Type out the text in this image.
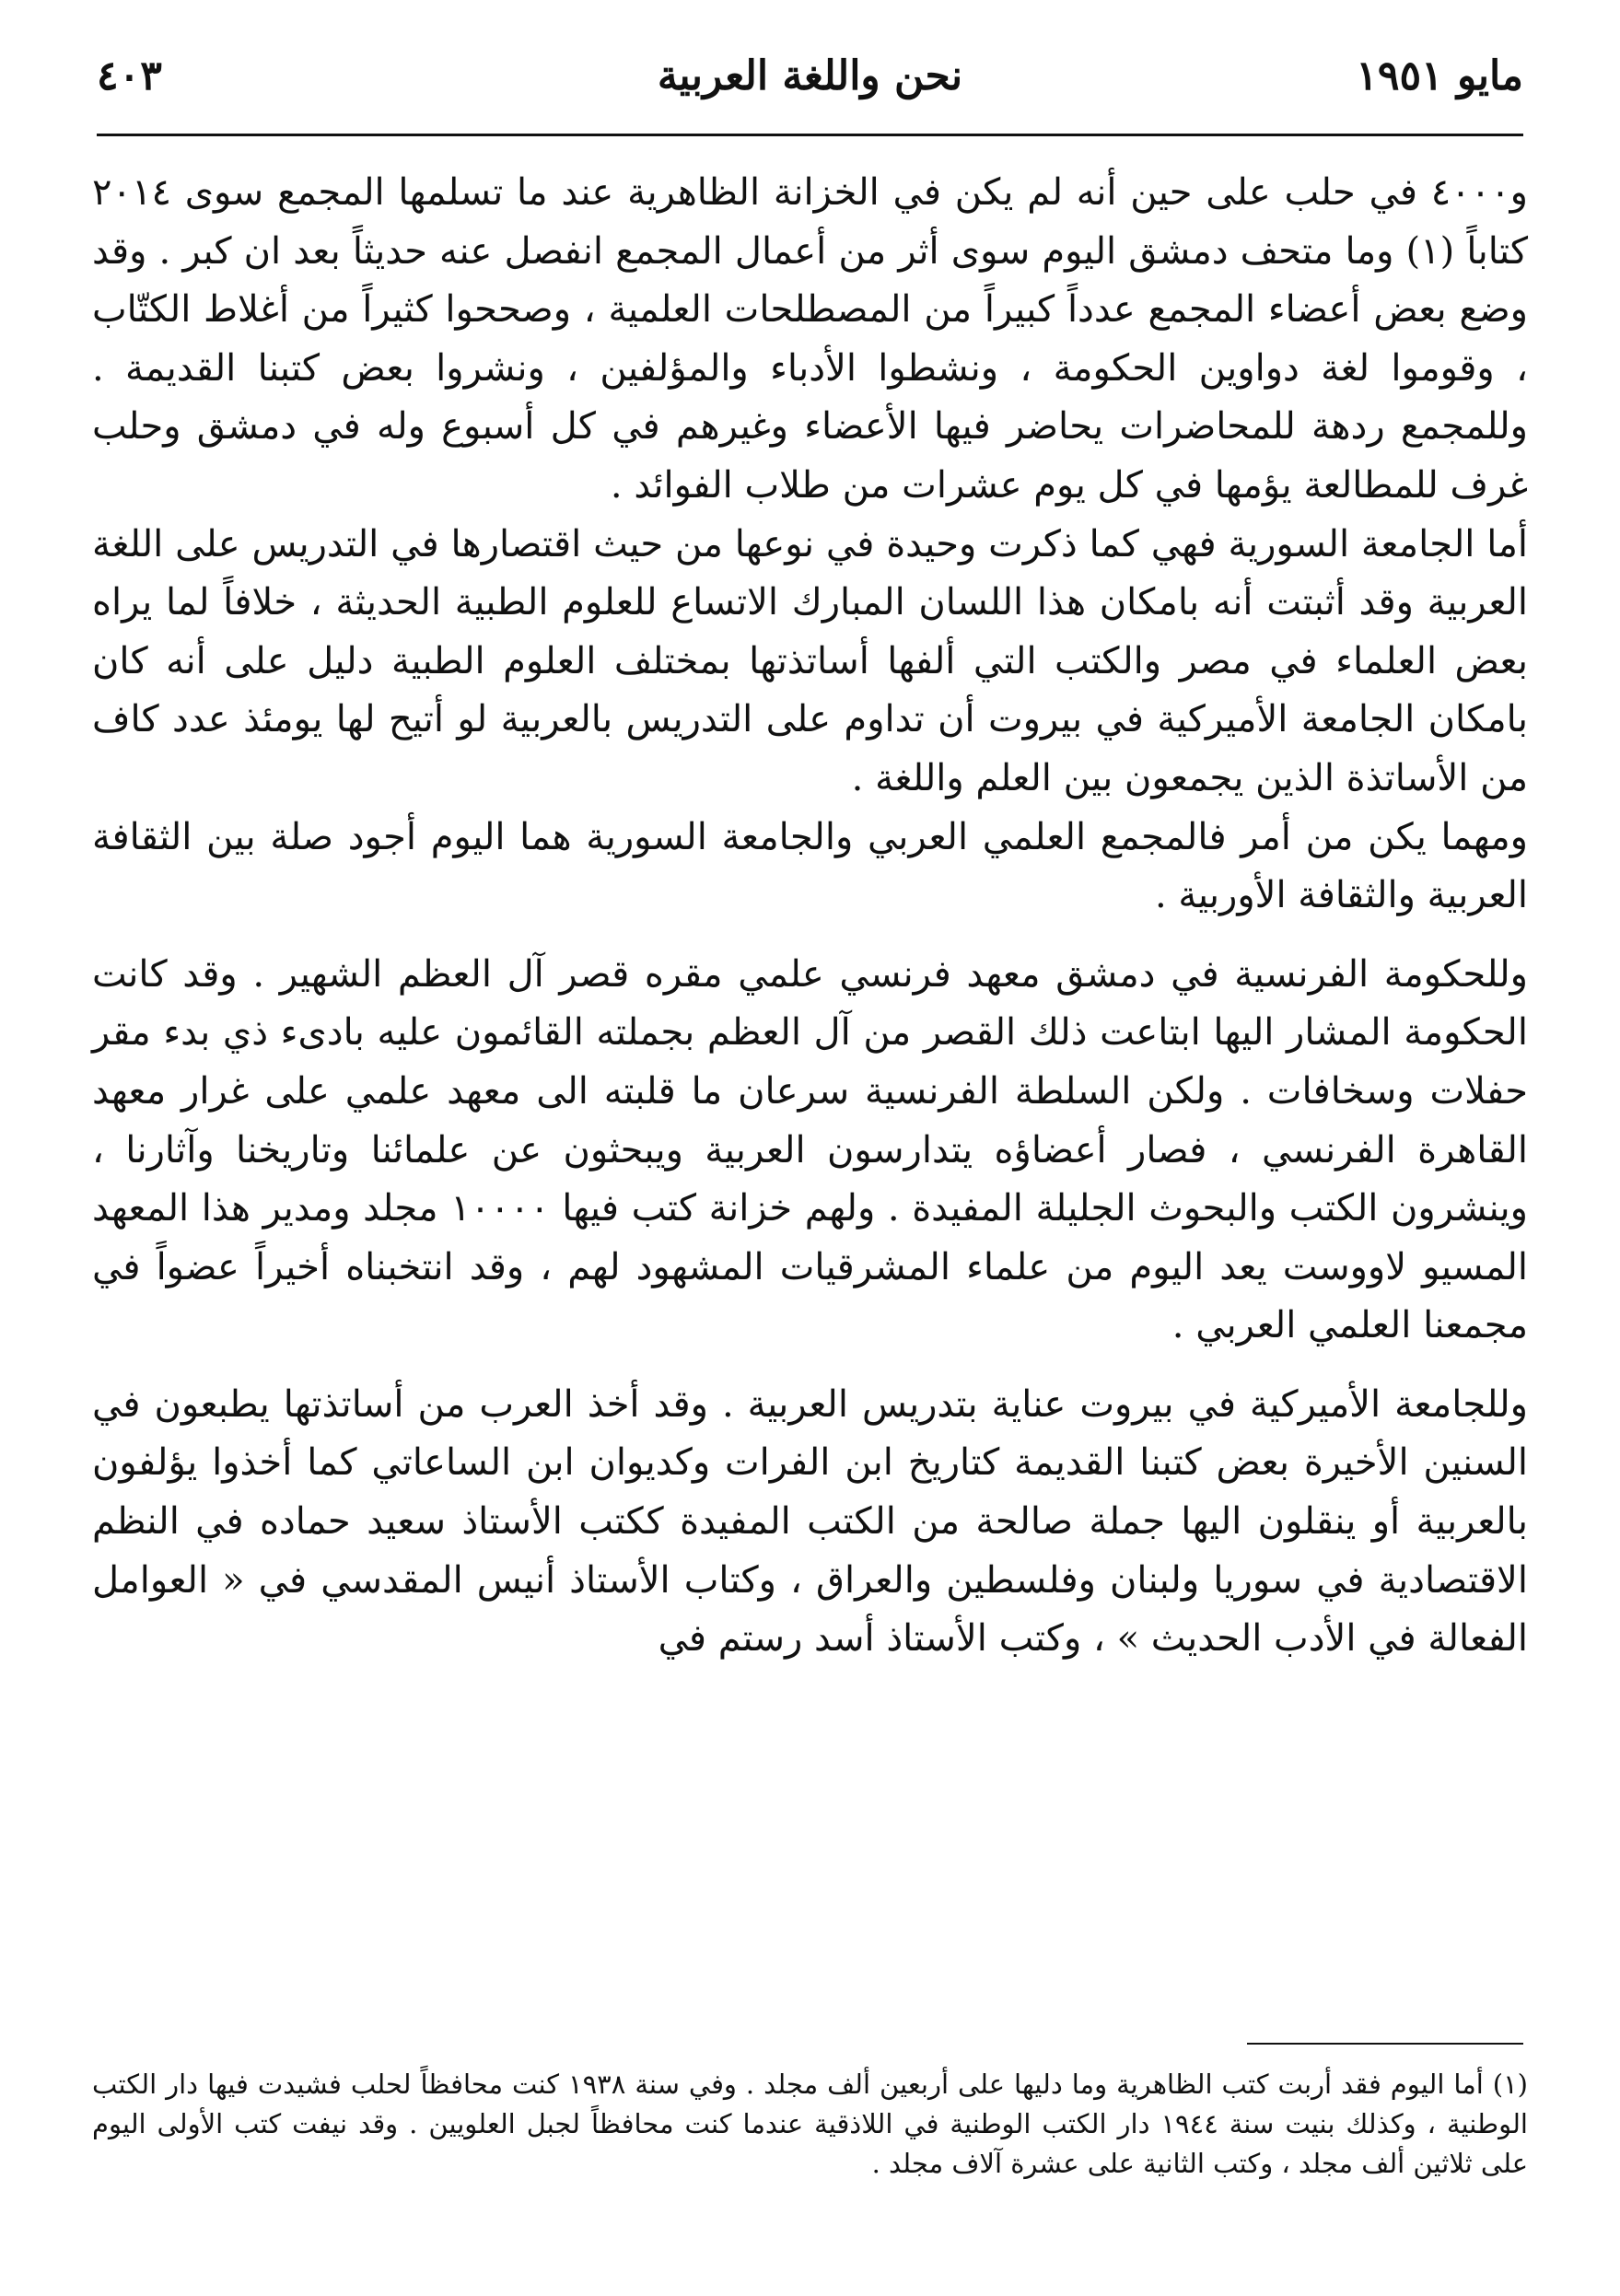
مايو ١٩٥١
نحن واللغة العربية
٤٠٣

و٤٠٠٠ في حلب على حين أنه لم يكن في الخزانة الظاهرية عند ما تسلمها المجمع سوى ٢٠١٤ كتاباً (١) وما متحف دمشق اليوم سوى أثر من أعمال المجمع انفصل عنه حديثاً بعد ان كبر . وقد وضع بعض أعضاء المجمع عدداً كبيراً من المصطلحات العلمية ، وصححوا كثيراً من أغلاط الكتّاب ، وقوموا لغة دواوين الحكومة ، ونشطوا الأدباء والمؤلفين ، ونشروا بعض كتبنا القديمة . وللمجمع ردهة للمحاضرات يحاضر فيها الأعضاء وغيرهم في كل أسبوع وله في دمشق وحلب غرف للمطالعة يؤمها في كل يوم عشرات من طلاب الفوائد .

أما الجامعة السورية فهي كما ذكرت وحيدة في نوعها من حيث اقتصارها في التدريس على اللغة العربية وقد أثبتت أنه بامكان هذا اللسان المبارك الاتساع للعلوم الطبية الحديثة ، خلافاً لما يراه بعض العلماء في مصر والكتب التي ألفها أساتذتها بمختلف العلوم الطبية دليل على أنه كان بامكان الجامعة الأميركية في بيروت أن تداوم على التدريس بالعربية لو أتيح لها يومئذ عدد كاف من الأساتذة الذين يجمعون بين العلم واللغة .

ومهما يكن من أمر فالمجمع العلمي العربي والجامعة السورية هما اليوم أجود صلة بين الثقافة العربية والثقافة الأوربية .

وللحكومة الفرنسية في دمشق معهد فرنسي علمي مقره قصر آل العظم الشهير . وقد كانت الحكومة المشار اليها ابتاعت ذلك القصر من آل العظم بجملته القائمون عليه بادىء ذي بدء مقر حفلات وسخافات . ولكن السلطة الفرنسية سرعان ما قلبته الى معهد علمي على غرار معهد القاهرة الفرنسي ، فصار أعضاؤه يتدارسون العربية ويبحثون عن علمائنا وتاريخنا وآثارنا ، وينشرون الكتب والبحوث الجليلة المفيدة . ولهم خزانة كتب فيها ١٠٠٠٠ مجلد ومدير هذا المعهد المسيو لاووست يعد اليوم من علماء المشرقيات المشهود لهم ، وقد انتخبناه أخيراً عضواً في مجمعنا العلمي العربي .

وللجامعة الأميركية في بيروت عناية بتدريس العربية . وقد أخذ العرب من أساتذتها يطبعون في السنين الأخيرة بعض كتبنا القديمة كتاريخ ابن الفرات وكديوان ابن الساعاتي كما أخذوا يؤلفون بالعربية أو ينقلون اليها جملة صالحة من الكتب المفيدة ككتب الأستاذ سعيد حماده في النظم الاقتصادية في سوريا ولبنان وفلسطين والعراق ، وكتاب الأستاذ أنيس المقدسي في « العوامل الفعالة في الأدب الحديث » ، وكتب الأستاذ أسد رستم في

(١) أما اليوم فقد أربت كتب الظاهرية وما دليها على أربعين ألف مجلد . وفي سنة ١٩٣٨ كنت محافظاً لحلب فشيدت فيها دار الكتب الوطنية ، وكذلك بنيت سنة ١٩٤٤ دار الكتب الوطنية في اللاذقية عندما كنت محافظاً لجبل العلويين . وقد نيفت كتب الأولى اليوم على ثلاثين ألف مجلد ، وكتب الثانية على عشرة آلاف مجلد .
